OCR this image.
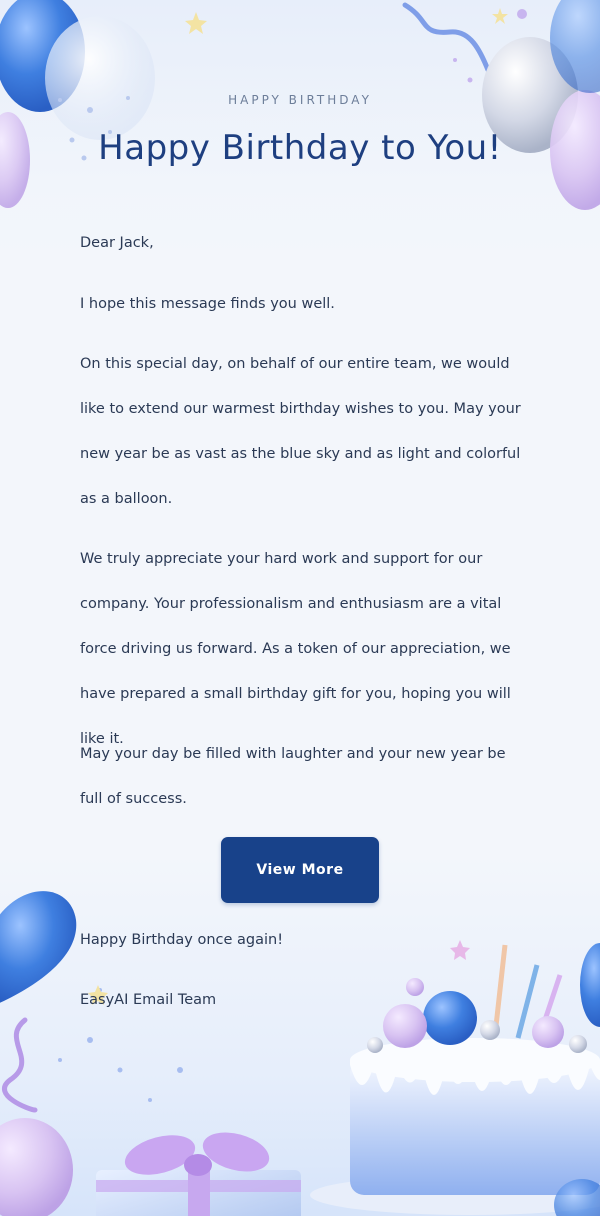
HAPPY BIRTHDAY
Happy Birthday to You!

Dear Jack,

I hope this message finds you well.

On this special day, on behalf of our entire team, we would like to extend our warmest birthday wishes to you. May your new year be as vast as the blue sky and as light and colorful as a balloon.

We truly appreciate your hard work and support for our company. Your professionalism and enthusiasm are a vital force driving us forward. As a token of our appreciation, we have prepared a small birthday gift for you, hoping you will like it.

May your day be filled with laughter and your new year be full of success.

View More
Happy Birthday once again!
EasyAI Email Team
